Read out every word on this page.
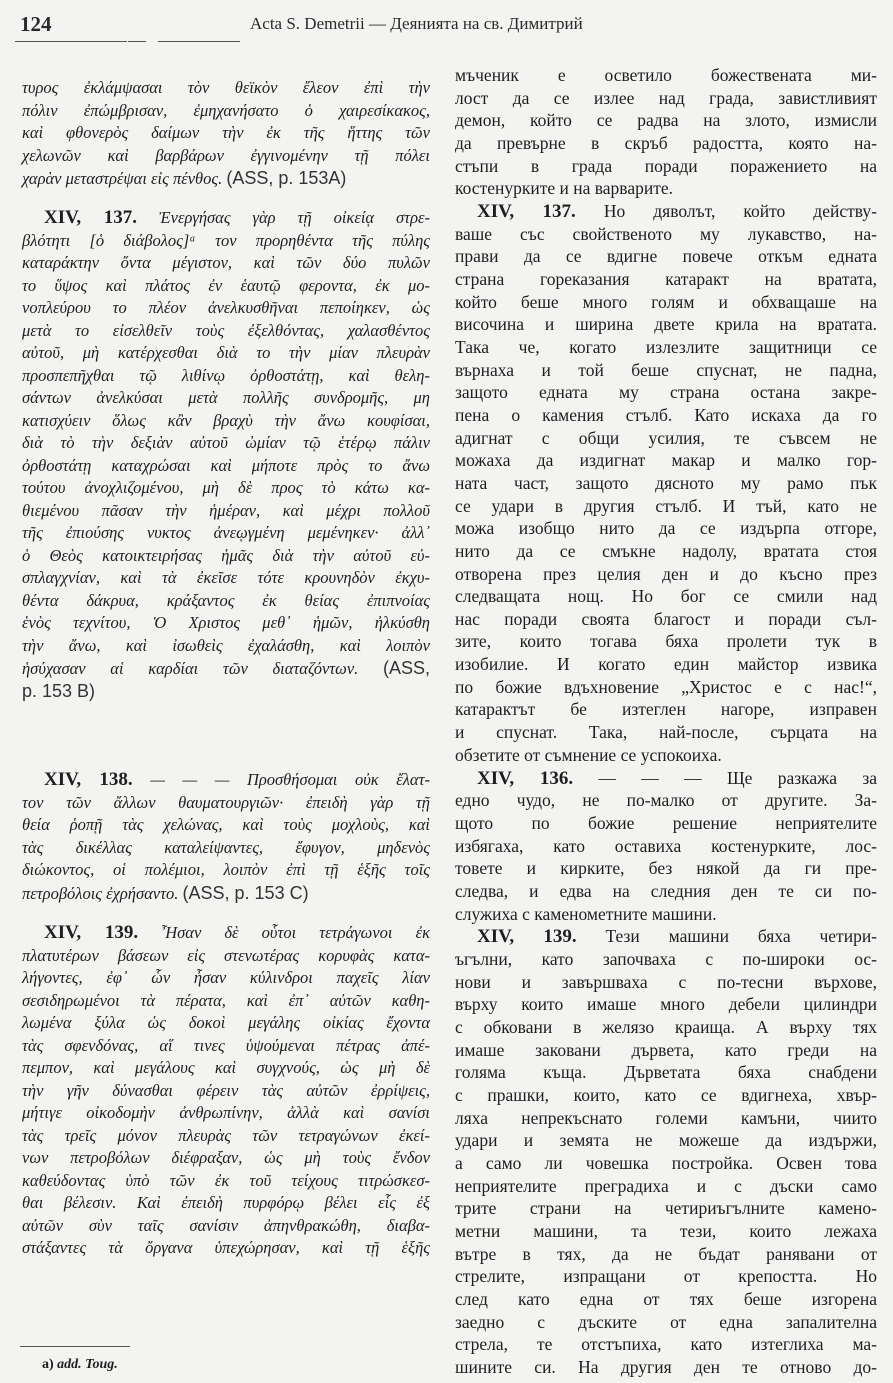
124	Acta S. Demetrii — Деянията на св. Димитрий
τυρος ἐκλάμψασαι τὸν θεϊκὸν ἔλεον ἐπὶ τὴν
πόλιν ἐπώμβρισαν, ἐμηχανήσατο ὁ χαιρεσίκακος,
καὶ φθονερὸς δαίμων τὴν ἐκ τῆς ἥττης τῶν
χελωνῶν καὶ βαρβάρων ἐγγινομένην τῇ πόλει
χαρὰν μεταστρέψαι εἰς πένθος. (ASS, p. 153A)
XIV, 137. Ἐνεργήσας γὰρ τῇ οἰκείᾳ στρε-
βλότητι [ὁ διάβολος]ᵃ τον προρηθέντα τῆς πύλης
καταράκτην ὄντα μέγιστον, καὶ τῶν δύο πυλῶν
το ὕψος καὶ πλάτος ἐν ἑαυτῷ φεροντα, ἐκ μο-
νοπλεύρου το πλέον ἀνελκυσθῆναι πεποίηκεν, ὡς
μετὰ το εἰσελθεῖν τοὺς ἐξελθόντας, χαλασθέντος
αὐτοῦ, μὴ κατέρχεσθαι διὰ το τὴν μίαν πλευρὰν
προσπεπῆχθαι τῷ λιθίνῳ ὀρθοστάτῃ, καὶ θελη-
σάντων ἀνελκύσαι μετὰ πολλῆς συνδρομῆς, μη
κατισχύειν ὅλως κἂν βραχὺ τὴν ἄνω κουφίσαι,
διὰ τὸ τὴν δεξιὰν αὐτοῦ ὠμίαν τῷ ἑτέρῳ πάλιν
ὀρθοστάτῃ καταχρώσαι καὶ μήποτε πρὸς το ἄνω
τούτου ἀνοχλιζομένου, μὴ δὲ προς τὸ κάτω κα-
θιεμένου πᾶσαν τὴν ἡμέραν, καὶ μέχρι πολλοῦ
τῆς ἐπιούσης νυκτος ἀνεῳγμένη μεμένηκεν· ἀλλ᾽
ὁ Θεὸς κατοικτειρήσας ἡμᾶς διὰ τὴν αὐτοῦ εὐ-
σπλαγχνίαν, καὶ τὰ ἐκεῖσε τότε κρουνηδὸν ἐκχυ-
θέντα δάκρυα, κράξαντος ἐκ θείας ἐπιπνοίας
ἑνὸς τεχνίτου, Ὁ Χριστος μεθ᾽ ἡμῶν, ἠλκύσθη
τὴν ἄνω, καὶ ἰσωθεὶς ἐχαλάσθη, καὶ λοιπὸν
ἡσύχασαν αἱ καρδίαι τῶν διαταζόντων. (ASS,
p. 153 B)
XIV, 138. — — — Προσθήσομαι οὐκ ἔλατ-
τον τῶν ἄλλων θαυματουργιῶν· ἐπειδὴ γὰρ τῇ
θεία ῥοπῇ τὰς χελώνας, καὶ τοὺς μοχλοὺς, καὶ
τὰς δικέλλας καταλείψαντες, ἔφυγον, μηδενὸς
διώκοντος, οἱ πολέμιοι, λοιπὸν ἐπὶ τῇ ἑξῆς τοῖς
πετροβόλοις ἐχρήσαντο. (ASS, p. 153 C)
XIV, 139. Ἦσαν δὲ οὗτοι τετράγωνοι ἐκ
πλατυτέρων βάσεων εἰς στενωτέρας κορυφὰς κατα-
λήγοντες, ἐφ᾽ ὧν ἦσαν κύλινδροι παχεῖς λίαν
σεσιδηρωμένοι τὰ πέρατα, καὶ ἐπ᾽ αὐτῶν καθη-
λωμένα ξύλα ὡς δοκοὶ μεγάλης οἰκίας ἔχοντα
τὰς σφενδόνας, αἵ τινες ὑψούμεναι πέτρας ἀπέ-
πεμπον, καὶ μεγάλους καὶ συγχνούς, ὡς μὴ δὲ
τὴν γῆν δύνασθαι φέρειν τὰς αὐτῶν ἐρρίψεις,
μήτιγε οἰκοδομὴν ἀνθρωπίνην, ἀλλὰ καὶ σανίσι
τὰς τρεῖς μόνον πλευρὰς τῶν τετραγώνων ἐκεί-
νων πετροβόλων διέφραξαν, ὡς μὴ τοὺς ἔνδον
καθεύδοντας ὑπὸ τῶν ἐκ τοῦ τείχους τιτρώσκεσ-
θαι βέλεσιν. Καὶ ἐπειδὴ πυρφόρῳ βέλει εἷς ἐξ
αὐτῶν σὺν ταῖς σανίσιν ἀπηνθρακώθη, διαβα-
στάξαντες τὰ ὄργανα ὑπεχώρησαν, καὶ τῇ ἑξῆς
мъченик е осветило божествената ми-
лост да се излее над града, завистливият
демон, който се радва на злото, измисли
да превърне в скръб радостта, която на-
стъпи в града поради поражението на
костенурките и на варварите.
XIV, 137. Но дяволът, който действу-
ваше със свойственото му лукавство, на-
прави да се вдигне повече откъм едната
страна гореказания катаракт на вратата,
който беше много голям и обхващаше на
височина и ширина двете крила на вратата.
Така че, когато излезлите защитници се
върнаха и той беше спуснат, не падна,
защото едната му страна остана закре-
пена о камения стълб. Като искаха да го
адигнат с общи усилия, те съвсем не
можаха да издигнат макар и малко гор-
ната част, защото дясното му рамо пък
се удари в другия стълб. И тъй, като не
можа изобщо нито да се издърпа отгоре,
нито да се смъкне надолу, вратата стоя
отворена през целия ден и до късно през
следващата нощ. Но бог се смили над
нас поради своята благост и поради съл-
зите, които тогава бяха пролети тук в
изобилие. И когато един майстор извика
по божие вдъхновение „Христос е с нас!“,
катарактът бе изтеглен нагоре, изправен
и спуснат. Така, най-после, сърцата на
обзетите от съмнение се успокоиха.
XIV, 136. — — — Ще разкажа за
едно чудо, не по-малко от другите. За-
щото по божие решение неприятелите
избягаха, като оставиха костенурките, лос-
товете и кирките, без някой да ги пре-
следва, и едва на следния ден те си по-
служиха с каменометните машини.
XIV, 139. Тези машини бяха четири-
ъгълни, като започваха с по-широки ос-
нови и завършваха с по-тесни върхове,
върху които имаше много дебели цилиндри
с обковани в желязо краища. А върху тях
имаше заковани дървета, като греди на
голяма къща. Дърветата бяха снабдени
с прашки, които, като се вдигнеха, хвър-
ляха непрекъснато големи камъни, чиито
удари и земята не можеше да издържи,
а само ли човешка постройка. Освен това
неприятелите преградиха и с дъски само
трите страни на четириъгълните камено-
метни машини, та тези, които лежаха
вътре в тях, да не бъдат ранявани от
стрелите, изпращани от крепостта. Но
след като една от тях беше изгорена
заедно с дъските от една запалителна
стрела, те отстъпиха, като изтеглиха ма-
шините си. На другия ден те отново до-
a) add. Toug.
